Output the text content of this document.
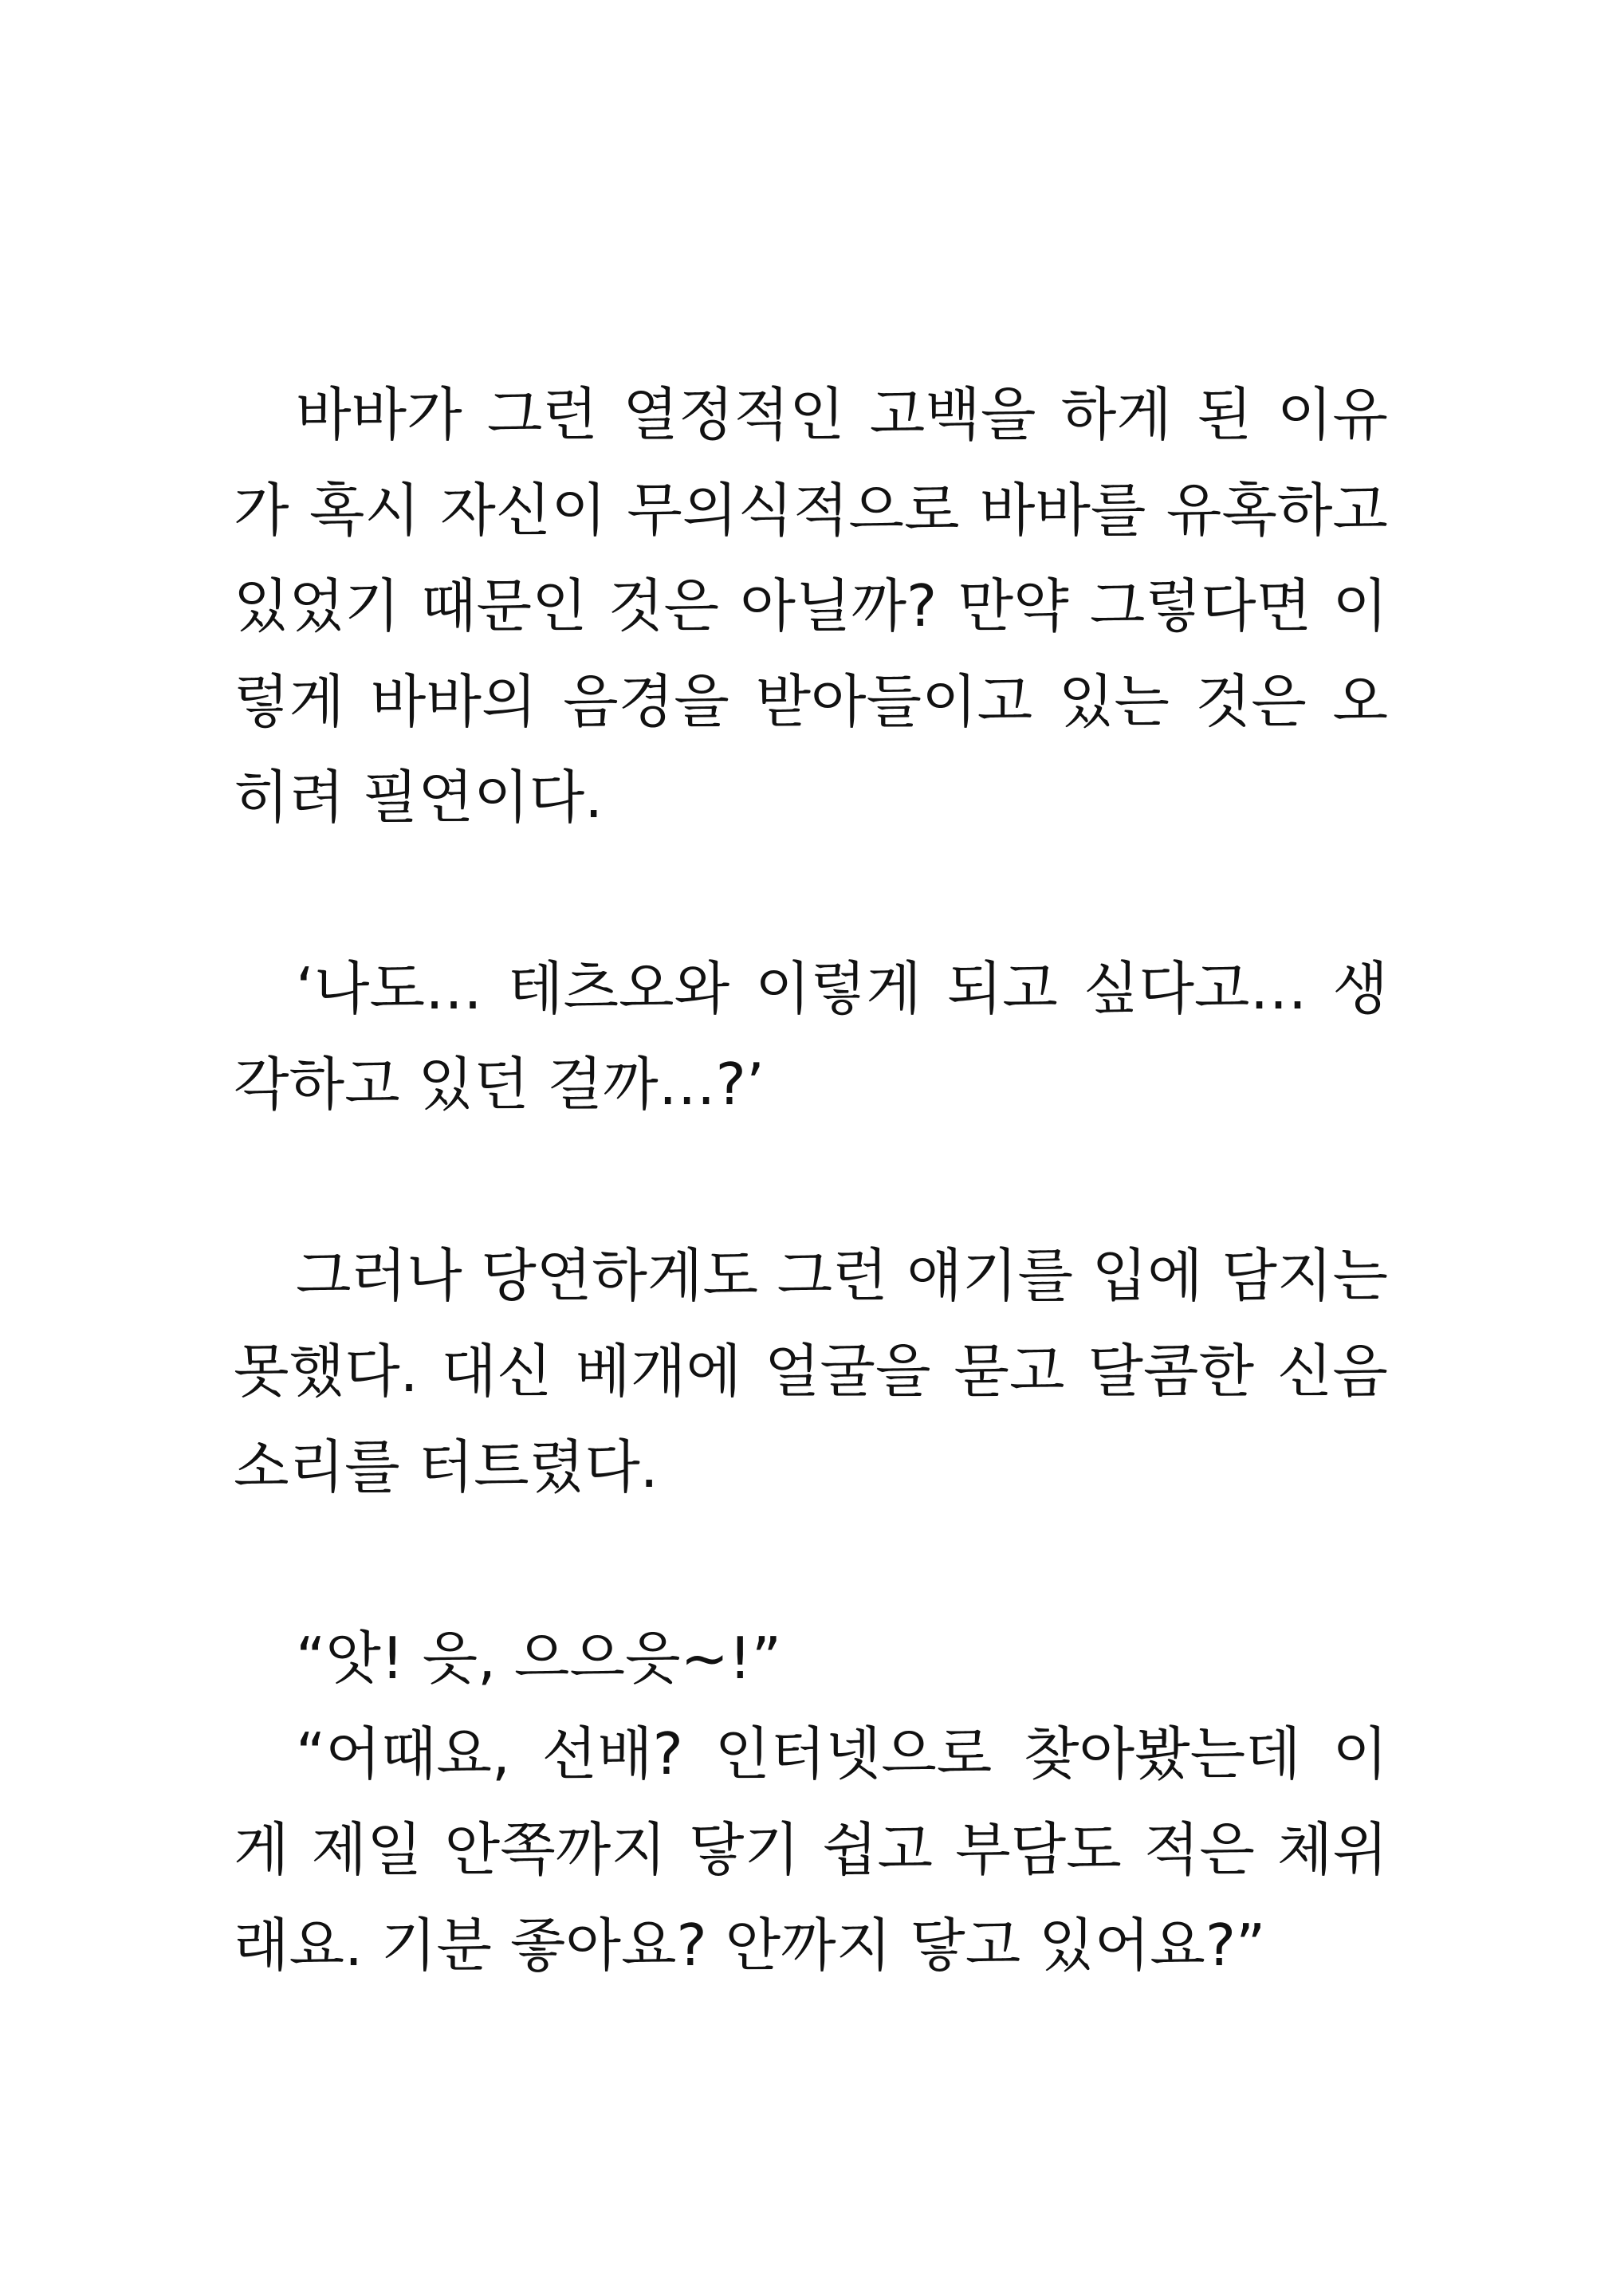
바바가 그런 열정적인 고백을 하게 된 이유가 혹시 자신이 무의식적으로 바바를 유혹하고 있었기 때문인 것은 아닐까? 만약 그렇다면 이렇게 바바의 음경을 받아들이고 있는 것은 오히려 필연이다.

‘나도… 테츠오와 이렇게 되고 싶다고… 생각하고 있던 걸까…?’

그러나 당연하게도 그런 얘기를 입에 담지는 못했다. 대신 베개에 얼굴을 묻고 달콤한 신음소리를 터트렸다.

“앗! 읏, 으으읏~!”

“어때요, 선배? 인터넷으로 찾아봤는데 이게 제일 안쪽까지 닿기 쉽고 부담도 적은 체위래요. 기분 좋아요? 안까지 닿고 있어요?”
